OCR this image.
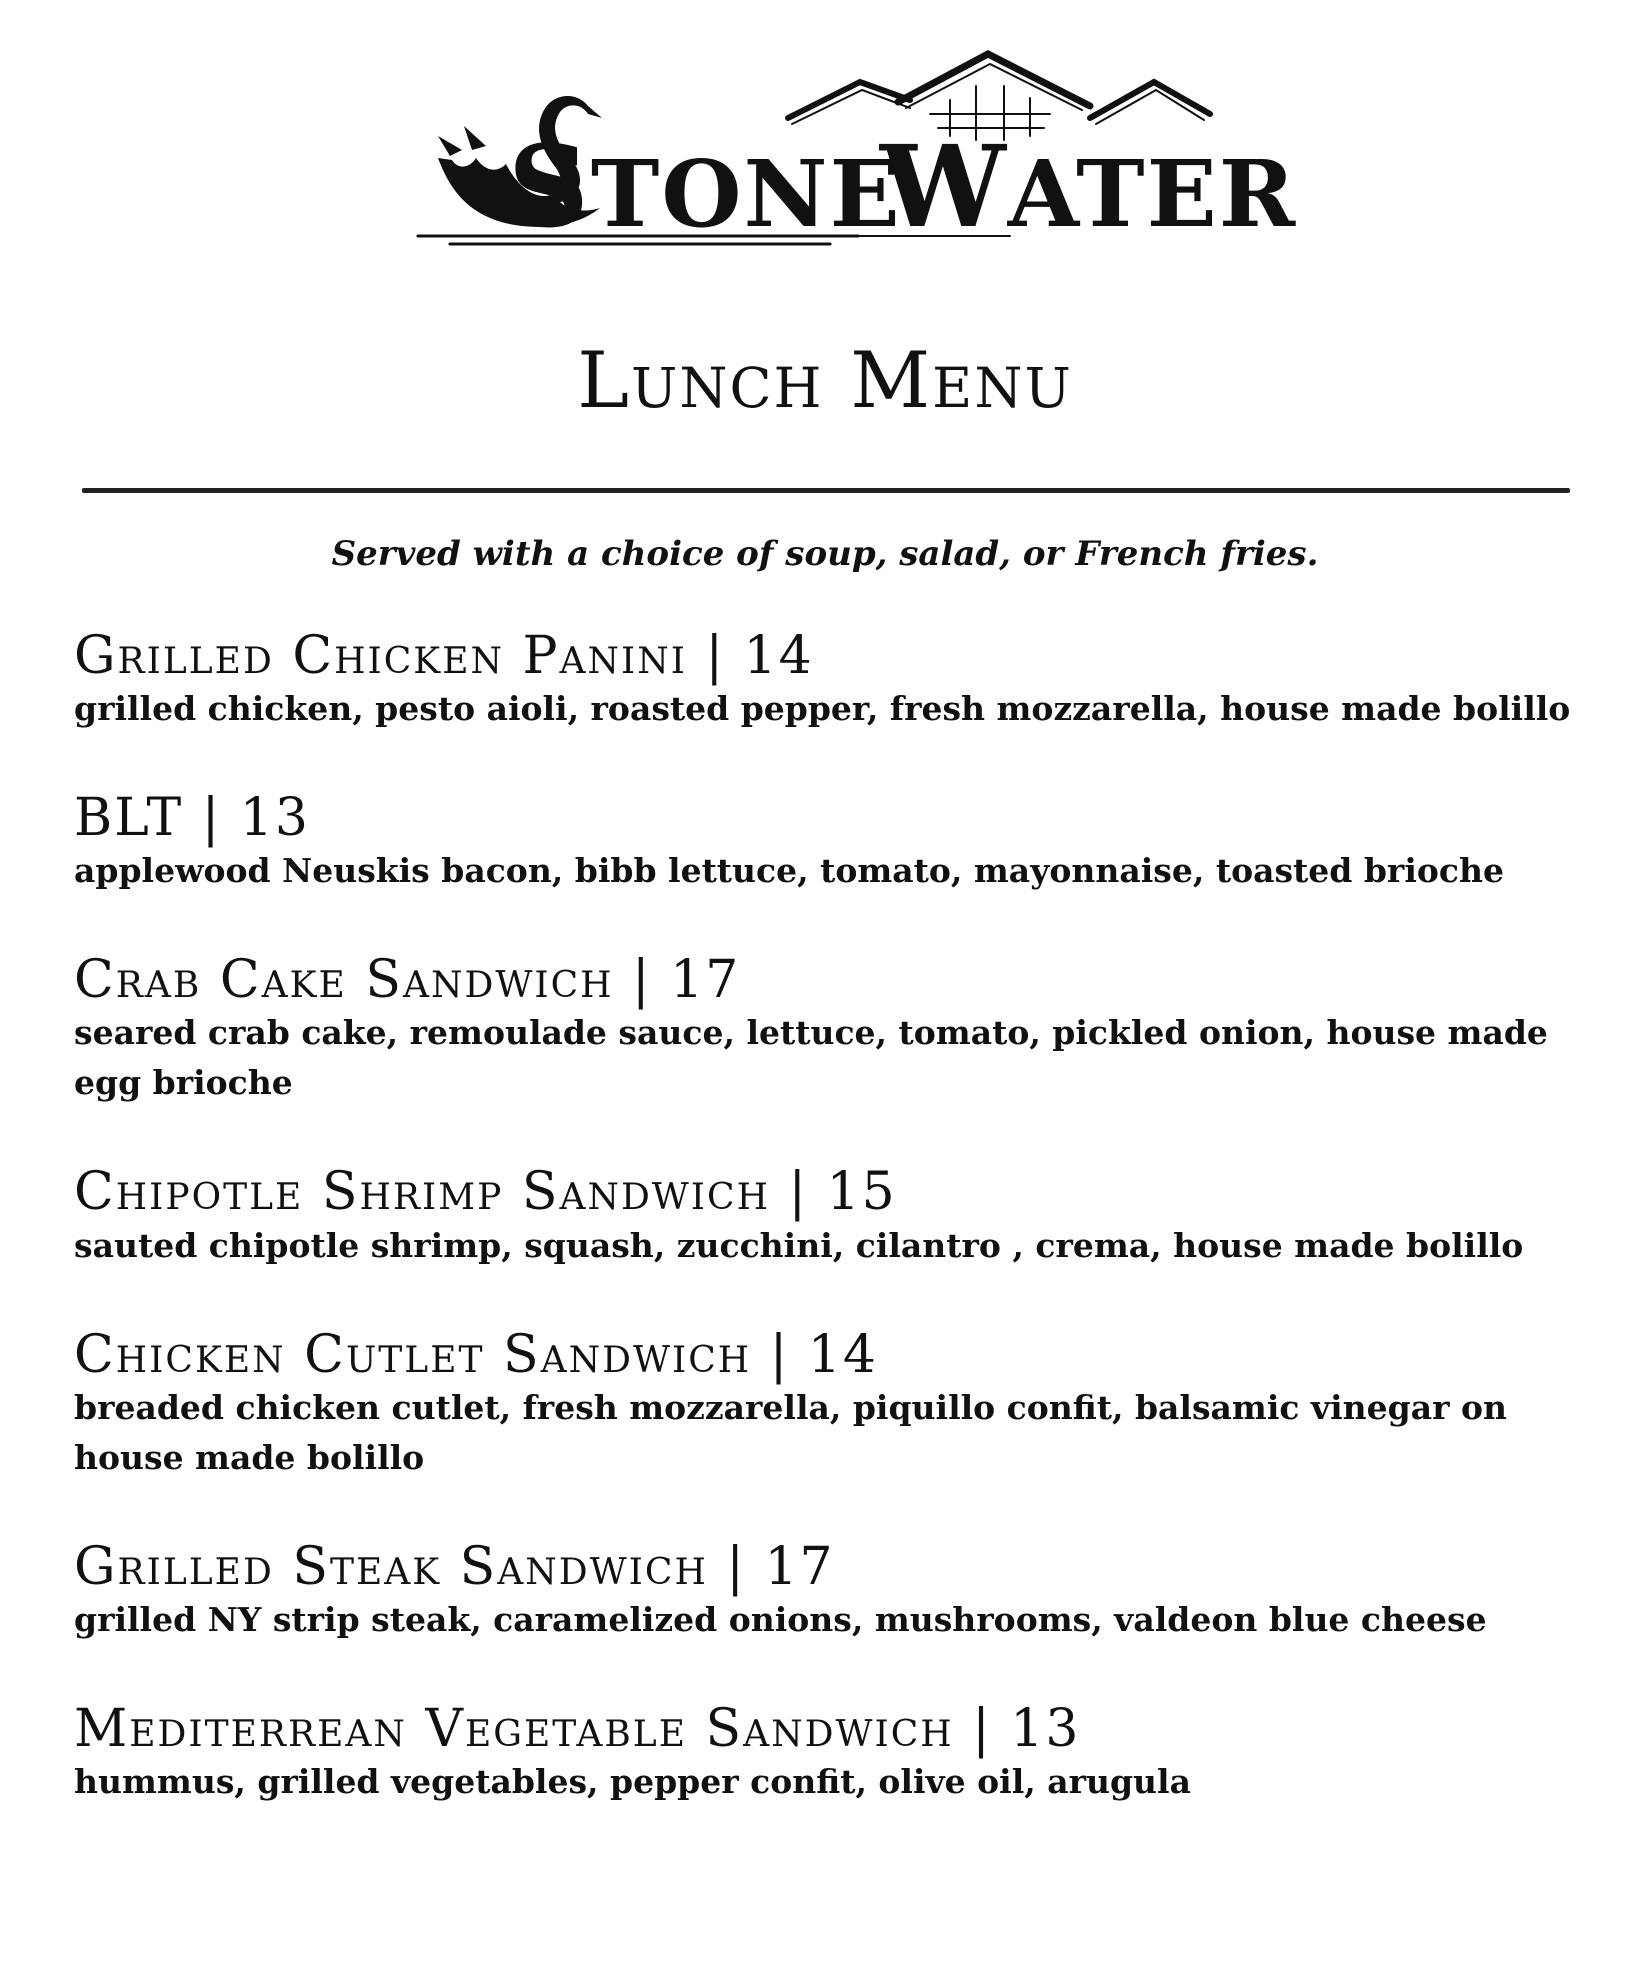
STONE
WATER
Lunch Menu
Served with a choice of soup, salad, or French fries.
Grilled Chicken Panini | 14
grilled chicken, pesto aioli, roasted pepper, fresh mozzarella, house made bolillo
BLT | 13
applewood Neuskis bacon, bibb lettuce, tomato, mayonnaise, toasted brioche
Crab Cake Sandwich | 17
seared crab cake, remoulade sauce, lettuce, tomato, pickled onion, house made egg brioche
Chipotle Shrimp Sandwich | 15
sauted chipotle shrimp, squash, zucchini, cilantro , crema, house made bolillo
Chicken Cutlet Sandwich | 14
breaded chicken cutlet, fresh mozzarella, piquillo confit, balsamic vinegar on house made bolillo
Grilled Steak Sandwich | 17
grilled NY strip steak, caramelized onions, mushrooms, valdeon blue cheese
Mediterrean Vegetable Sandwich | 13
hummus, grilled vegetables, pepper confit, olive oil, arugula
